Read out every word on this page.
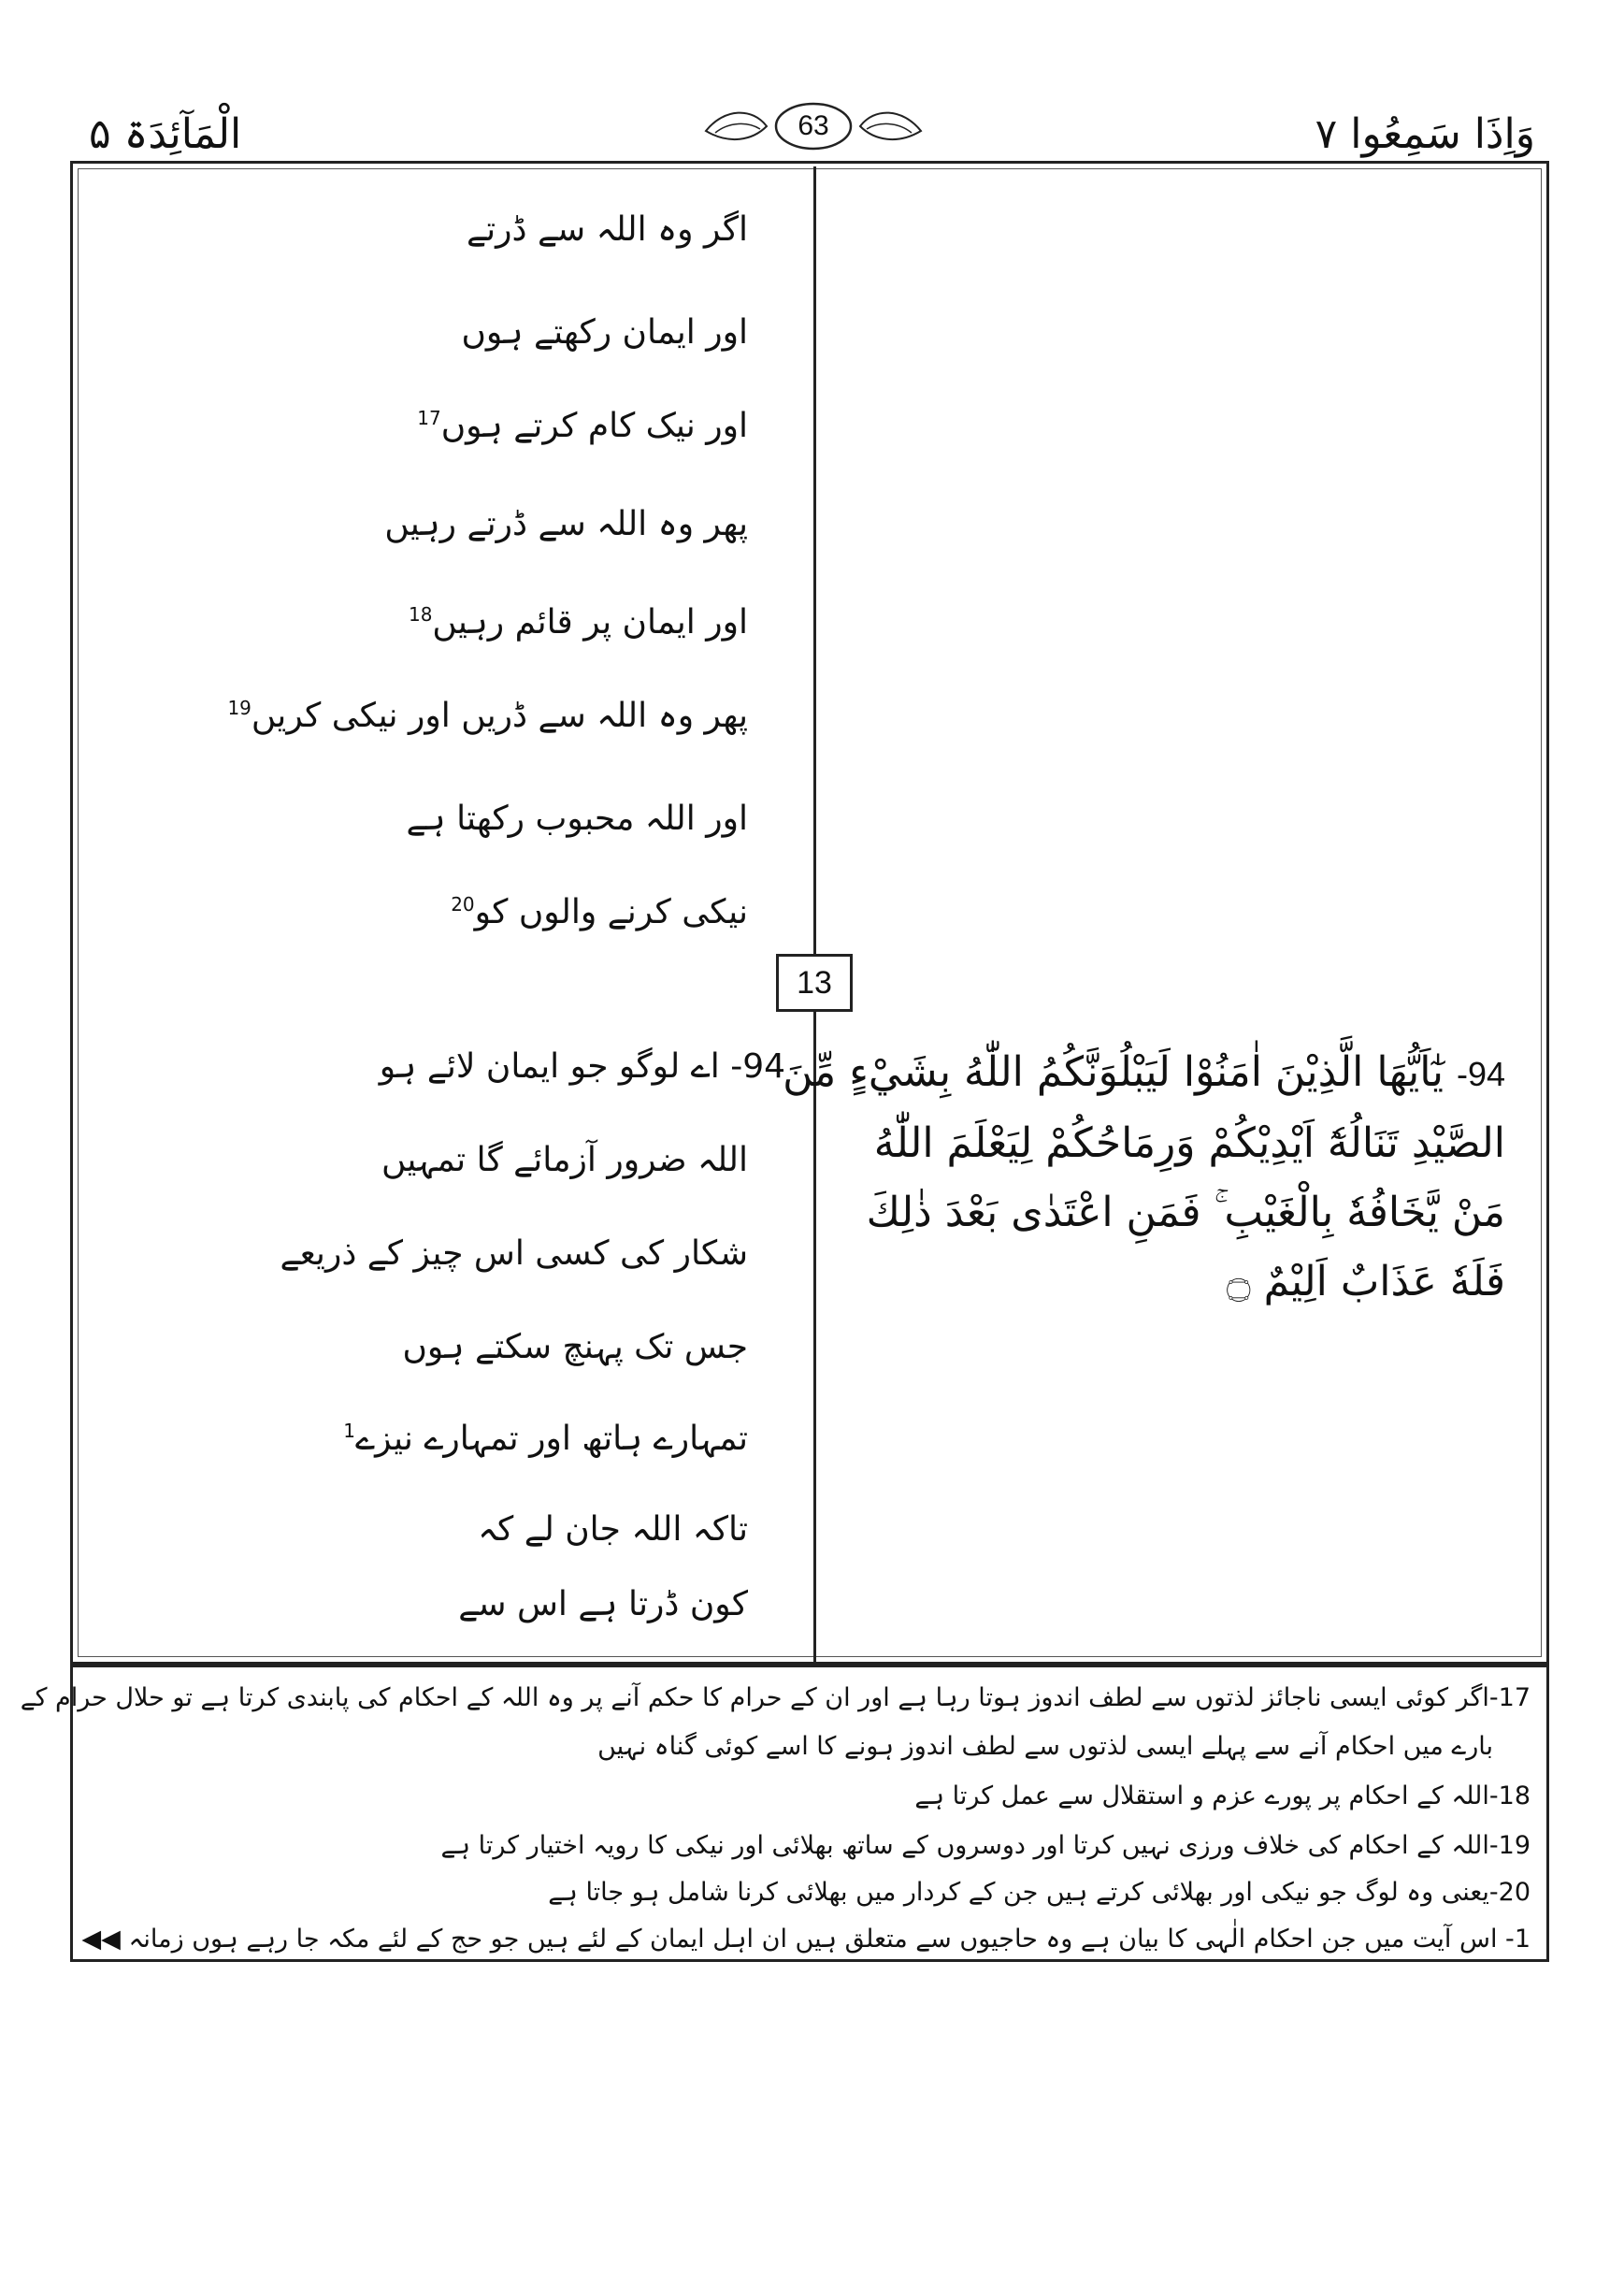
وَاِذَا سَمِعُوا ۷
الْمَآئِدَۃ ۵	63
اگر وہ اللہ سے ڈرتے
اور ایمان رکھتے ہوں
اور نیک کام کرتے ہوں$^{17}$
پھر وہ اللہ سے ڈرتے رہیں
اور ایمان پر قائم رہیں$^{18}$
پھر وہ اللہ سے ڈریں اور نیکی کریں$^{19}$
اور اللہ محبوب رکھتا ہے
نیکی کرنے والوں کو$^{20}$
13
94- يٰٓاَيُّهَا الَّذِيْنَ اٰمَنُوْا لَيَبْلُوَنَّكُمُ اللّٰهُ بِشَيْءٍ مِّنَ
الصَّيْدِ تَنَالُهٗٓ اَيْدِيْكُمْ وَرِمَاحُكُمْ لِيَعْلَمَ اللّٰهُ
مَنْ يَّخَافُهٗ بِالْغَيْبِ ۚ فَمَنِ اعْتَدٰى بَعْدَ ذٰلِكَ
فَلَهٗ عَذَابٌ اَلِيْمٌ ۝
94- اے لوگو جو ایمان لائے ہو
اللہ ضرور آزمائے گا تمہیں
شکار کی کسی اس چیز کے ذریعے
جس تک پہنچ سکتے ہوں
تمہارے ہاتھ اور تمہارے نیزے$^1$
تاکہ اللہ جان لے کہ
کون ڈرتا ہے اس سے
17-اگر کوئی ایسی ناجائز لذتوں سے لطف اندوز ہوتا رہا ہے اور ان کے حرام کا حکم آنے پر وہ اللہ کے احکام کی پابندی کرتا ہے تو حلال حرام کے
بارے میں احکام آنے سے پہلے ایسی لذتوں سے لطف اندوز ہونے کا اسے کوئی گناہ نہیں
18-اللہ کے احکام پر پورے عزم و استقلال سے عمل کرتا ہے
19-اللہ کے احکام کی خلاف ورزی نہیں کرتا اور دوسروں کے ساتھ بھلائی اور نیکی کا رویہ اختیار کرتا ہے
20-یعنی وہ لوگ جو نیکی اور بھلائی کرتے ہیں جن کے کردار میں بھلائی کرنا شامل ہو جاتا ہے
1- اس آیت میں جن احکام الٰہی کا بیان ہے وہ حاجیوں سے متعلق ہیں ان اہل ایمان کے لئے ہیں جو حج کے لئے مکہ جا رہے ہوں زمانہ ◀◀
